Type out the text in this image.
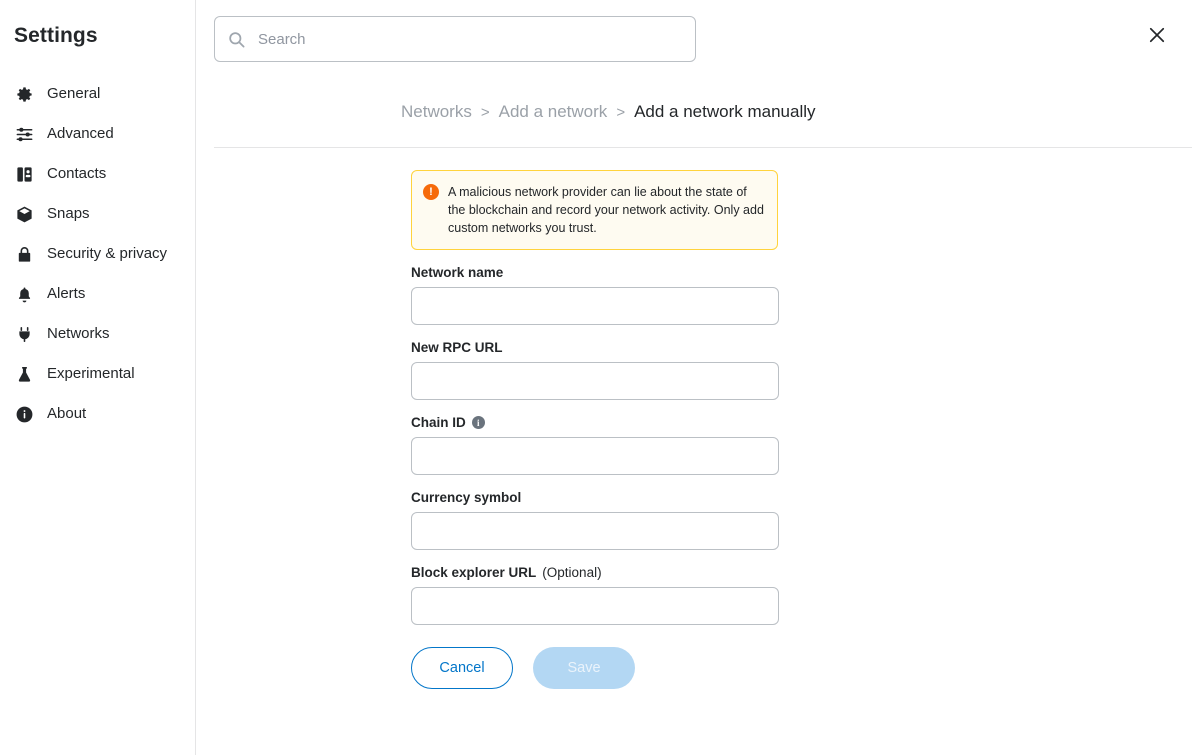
Settings
General
Advanced
Contacts
Snaps
Security & privacy
Alerts
Networks
Experimental
About
Search
Networks > Add a network > Add a network manually
!	A malicious network provider can lie about the state of the blockchain and record your network activity. Only add custom networks you trust.
Network name
New RPC URL
Chain ID	i
Currency symbol
Block explorer URL (Optional)
Cancel	Save
